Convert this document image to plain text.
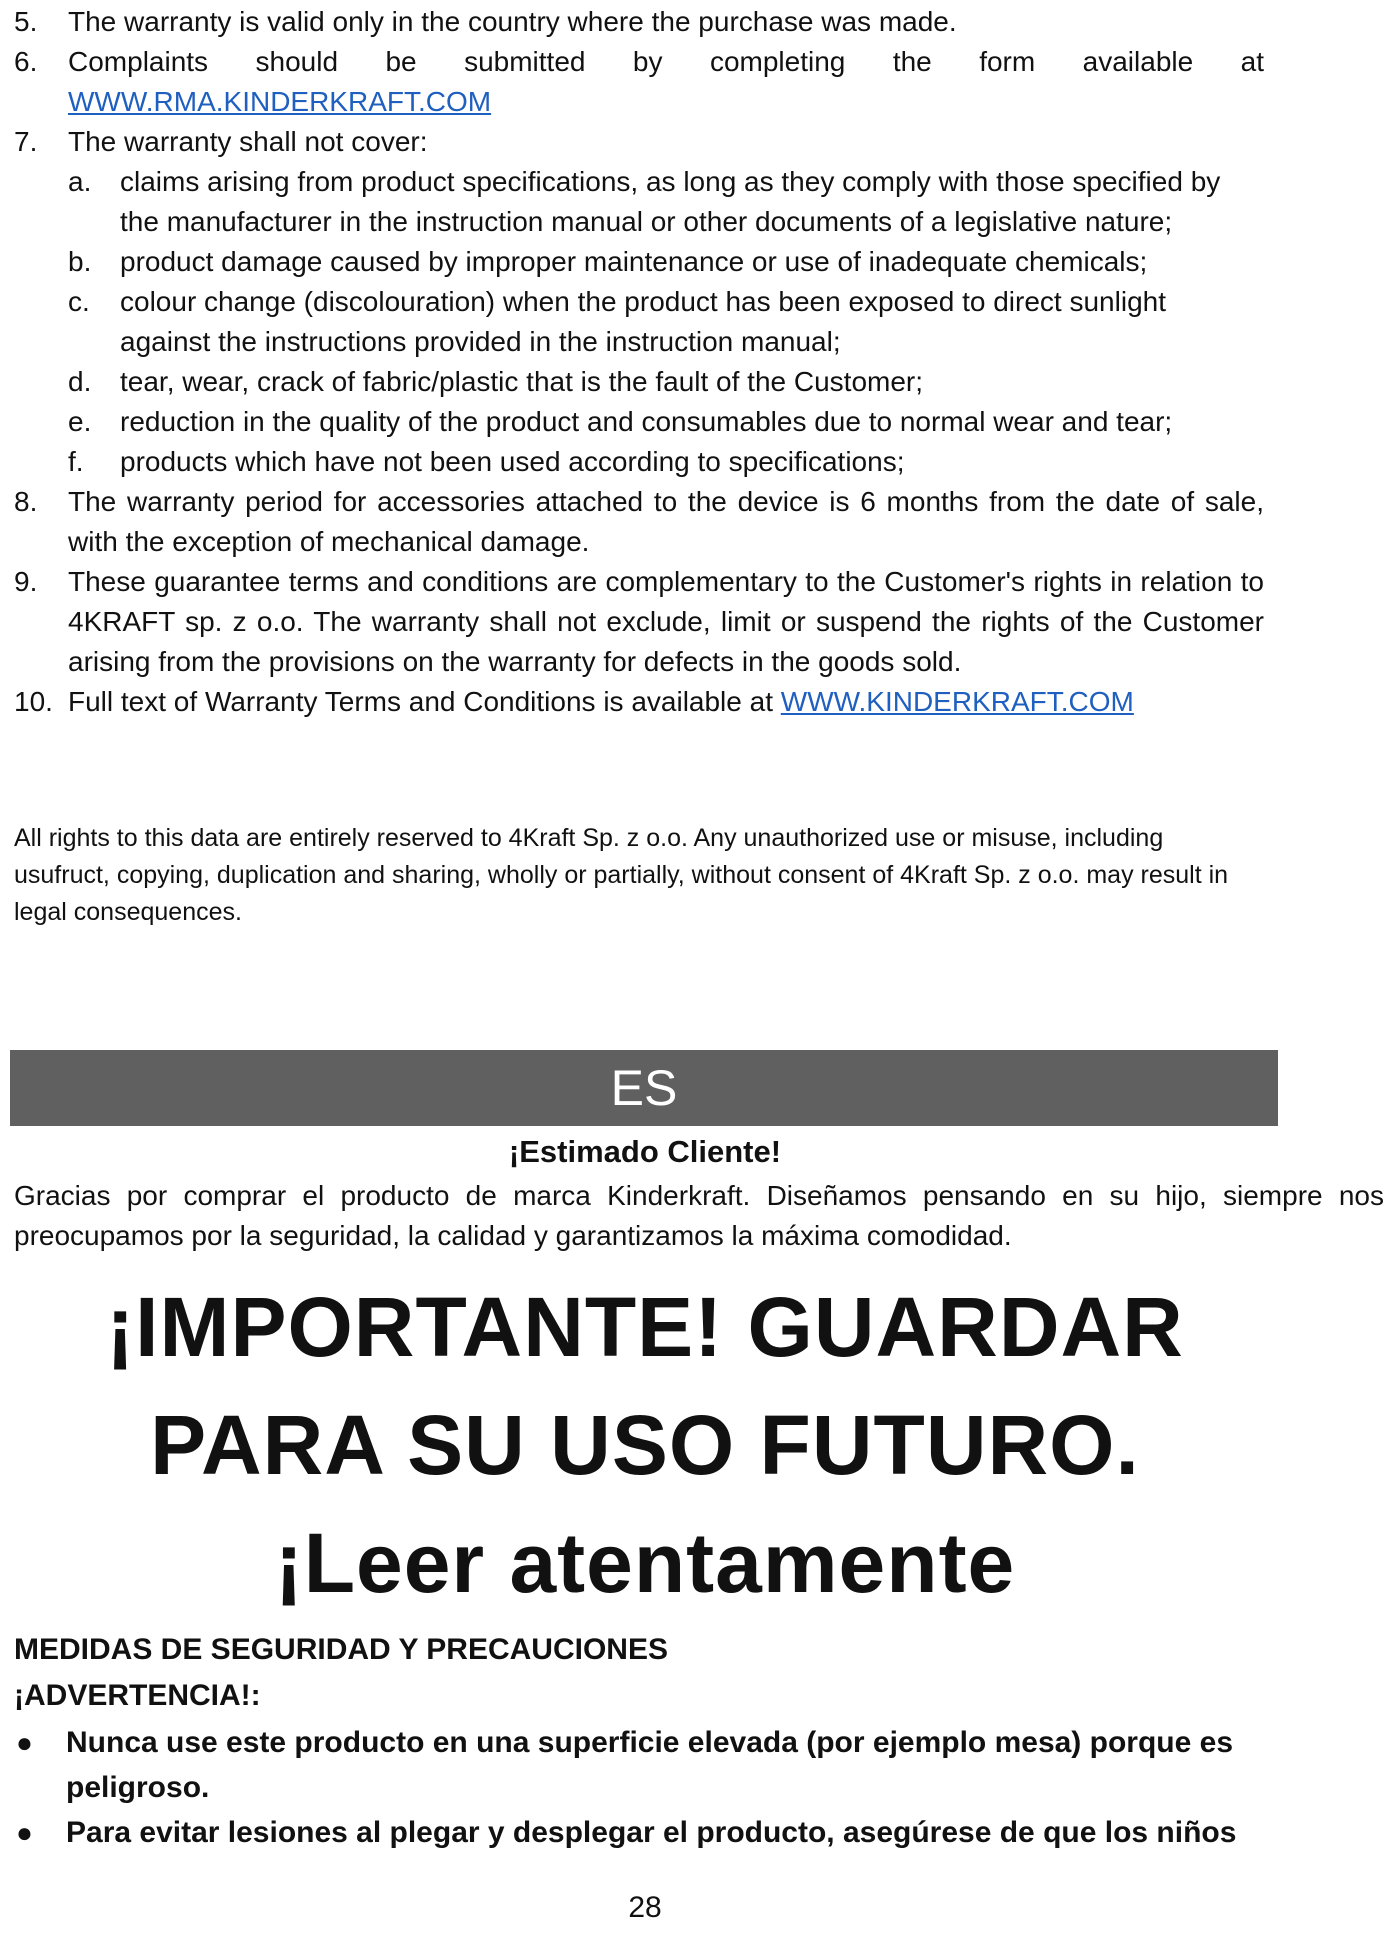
5. The warranty is valid only in the country where the purchase was made.
6. Complaints should be submitted by completing the form available at WWW.RMA.KINDERKRAFT.COM
7. The warranty shall not cover:
a. claims arising from product specifications, as long as they comply with those specified by the manufacturer in the instruction manual or other documents of a legislative nature;
b. product damage caused by improper maintenance or use of inadequate chemicals;
c. colour change (discolouration) when the product has been exposed to direct sunlight against the instructions provided in the instruction manual;
d. tear, wear, crack of fabric/plastic that is the fault of the Customer;
e. reduction in the quality of the product and consumables due to normal wear and tear;
f. products which have not been used according to specifications;
8. The warranty period for accessories attached to the device is 6 months from the date of sale, with the exception of mechanical damage.
9. These guarantee terms and conditions are complementary to the Customer's rights in relation to 4KRAFT sp. z o.o. The warranty shall not exclude, limit or suspend the rights of the Customer arising from the provisions on the warranty for defects in the goods sold.
10. Full text of Warranty Terms and Conditions is available at WWW.KINDERKRAFT.COM
All rights to this data are entirely reserved to 4Kraft Sp. z o.o. Any unauthorized use or misuse, including usufruct, copying, duplication and sharing, wholly or partially, without consent of 4Kraft Sp. z o.o. may result in legal consequences.
ES
¡Estimado Cliente!
Gracias por comprar el producto de marca Kinderkraft. Diseñamos pensando en su hijo, siempre nos preocupamos por la seguridad, la calidad y garantizamos la máxima comodidad.
¡IMPORTANTE! GUARDAR PARA SU USO FUTURO. ¡Leer atentamente
MEDIDAS DE SEGURIDAD Y PRECAUCIONES
¡ADVERTENCIA!:
● Nunca use este producto en una superficie elevada (por ejemplo mesa) porque es peligroso.
● Para evitar lesiones al plegar y desplegar el producto, asegúrese de que los niños
28
